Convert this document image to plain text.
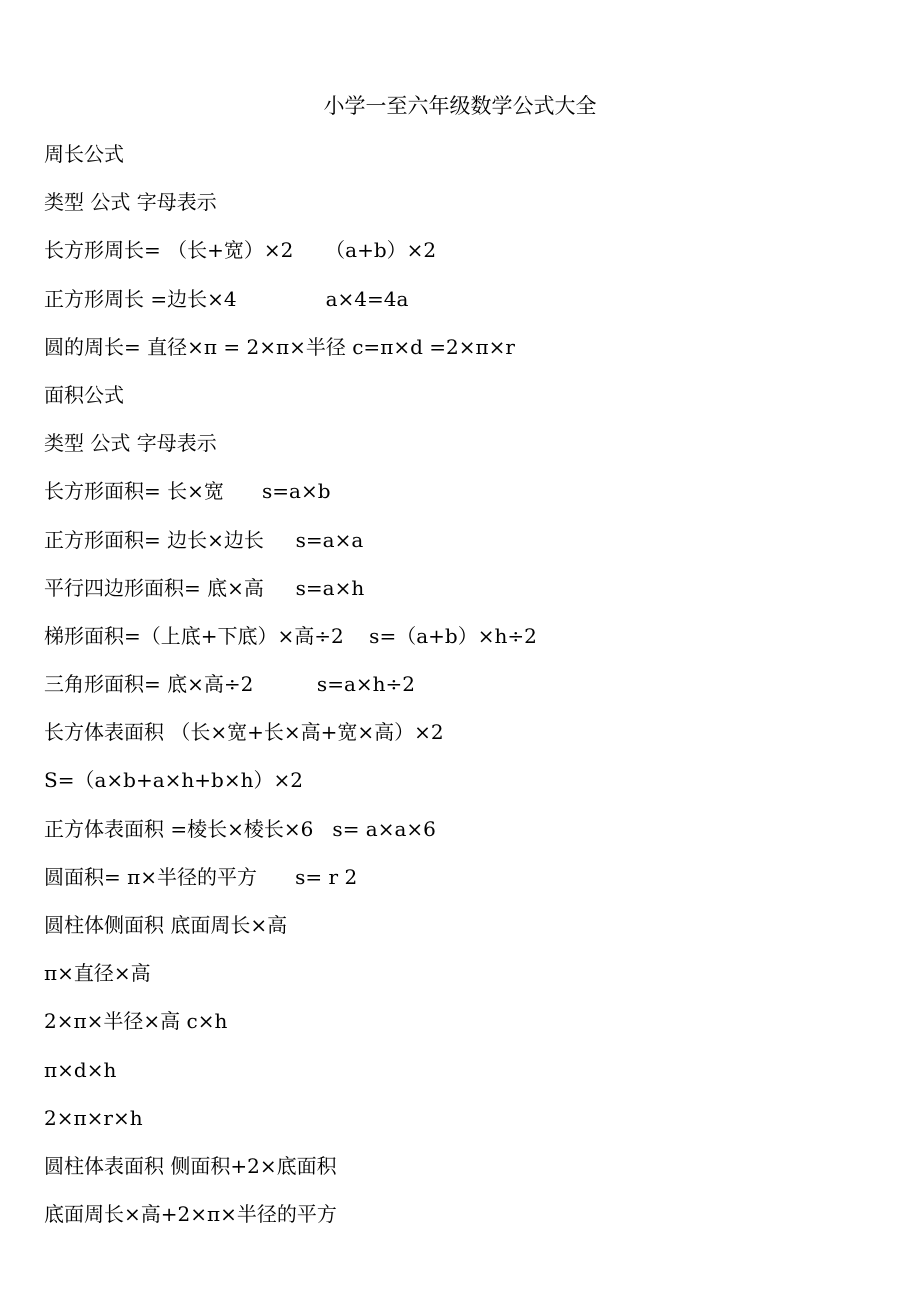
小学一至六年级数学公式大全
周长公式
类型 公式 字母表示
长方形周长= （长+宽）×2     （a+b）×2
正方形周长 =边长×4              a×4=4a
圆的周长= 直径×π = 2×π×半径 c=π×d =2×π×r
面积公式
类型 公式 字母表示
长方形面积= 长×宽      s=a×b
正方形面积= 边长×边长     s=a×a
平行四边形面积= 底×高     s=a×h
梯形面积=（上底+下底）×高÷2    s=（a+b）×h÷2
三角形面积= 底×高÷2          s=a×h÷2
长方体表面积 （长×宽+长×高+宽×高）×2
S=（a×b+a×h+b×h）×2
正方体表面积 =棱长×棱长×6   s= a×a×6
圆面积= π×半径的平方      s= r 2
圆柱体侧面积 底面周长×高
π×直径×高
2×π×半径×高 c×h
π×d×h
2×π×r×h
圆柱体表面积 侧面积+2×底面积
底面周长×高+2×π×半径的平方
